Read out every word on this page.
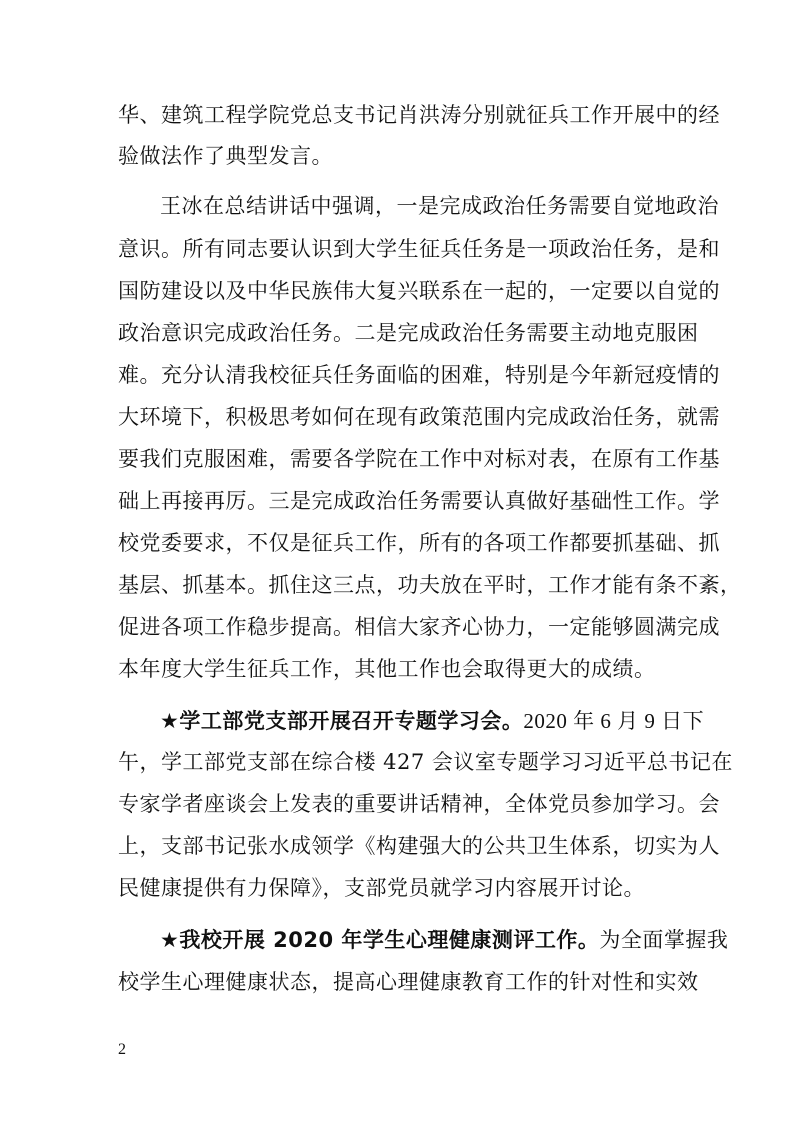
华、建筑工程学院党总支书记肖洪涛分别就征兵工作开展中的经
验做法作了典型发言。
王冰在总结讲话中强调，一是完成政治任务需要自觉地政治
意识。所有同志要认识到大学生征兵任务是一项政治任务，是和
国防建设以及中华民族伟大复兴联系在一起的，一定要以自觉的
政治意识完成政治任务。二是完成政治任务需要主动地克服困
难。充分认清我校征兵任务面临的困难，特别是今年新冠疫情的
大环境下，积极思考如何在现有政策范围内完成政治任务，就需
要我们克服困难，需要各学院在工作中对标对表，在原有工作基
础上再接再厉。三是完成政治任务需要认真做好基础性工作。学
校党委要求，不仅是征兵工作，所有的各项工作都要抓基础、抓
基层、抓基本。抓住这三点，功夫放在平时，工作才能有条不紊，
促进各项工作稳步提高。相信大家齐心协力，一定能够圆满完成
本年度大学生征兵工作，其他工作也会取得更大的成绩。
★学工部党支部开展召开专题学习会。2020 年 6 月 9 日下
午，学工部党支部在综合楼 427 会议室专题学习习近平总书记在
专家学者座谈会上发表的重要讲话精神，全体党员参加学习。会
上，支部书记张水成领学《构建强大的公共卫生体系，切实为人
民健康提供有力保障》，支部党员就学习内容展开讨论。
★我校开展 2020 年学生心理健康测评工作。为全面掌握我
校学生心理健康状态，提高心理健康教育工作的针对性和实效
2
